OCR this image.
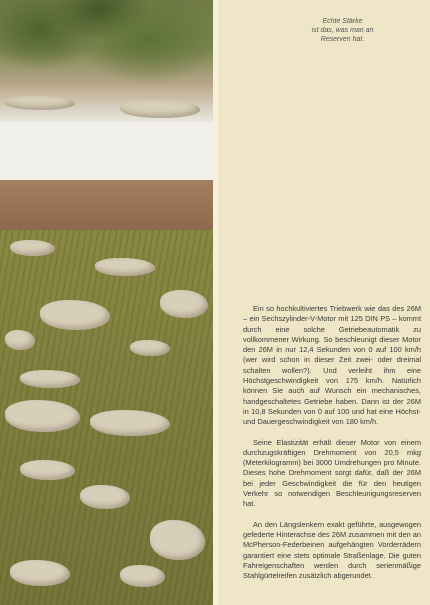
Echte Stärke
ist das, was man an
Reserven hat.

Ein so hochkultiviertes Triebwerk wie das des 26M – ein Sechszylinder-V-Motor mit 125 DIN PS – kommt durch eine solche Getriebeautomatik zu vollkommener Wirkung. So beschleunigt dieser Motor den 26M in nur 12,4 Sekunden von 0 auf 100 km/h (wer wird schon in dieser Zeit zwei- oder dreimal schalten wollen?). Und verleiht ihm eine Höchstgeschwindigkeit von 175 km/h. Natürlich können Sie auch auf Wunsch ein mechanisches, handgeschaltetes Getriebe haben. Dann ist der 26M in 10,8 Sekunden von 0 auf 100 und hat eine Höchst- und Dauergeschwindigkeit von 180 km/h.

Seine Elastizität erhält dieser Motor von einem durchzugskräftigen Drehmoment von 20,5 mkg (Meterkilogramm) bei 3000 Umdrehungen pro Minute. Dieses hohe Drehmoment sorgt dafür, daß der 26M bei jeder Geschwindigkeit die für den heutigen Verkehr so notwendigen Beschleunigungsreserven hat.

An den Längslenkern exakt geführte, ausgewogen gefederte Hinterachse des 26M zusammen mit den an McPherson-Federbeinen aufgehängten Vorderrädern garantiert eine stets optimale Straßenlage. Die guten Fahreigenschaften werden durch serienmäßige Stahlgürtelreifen zusätzlich abgerundet.
